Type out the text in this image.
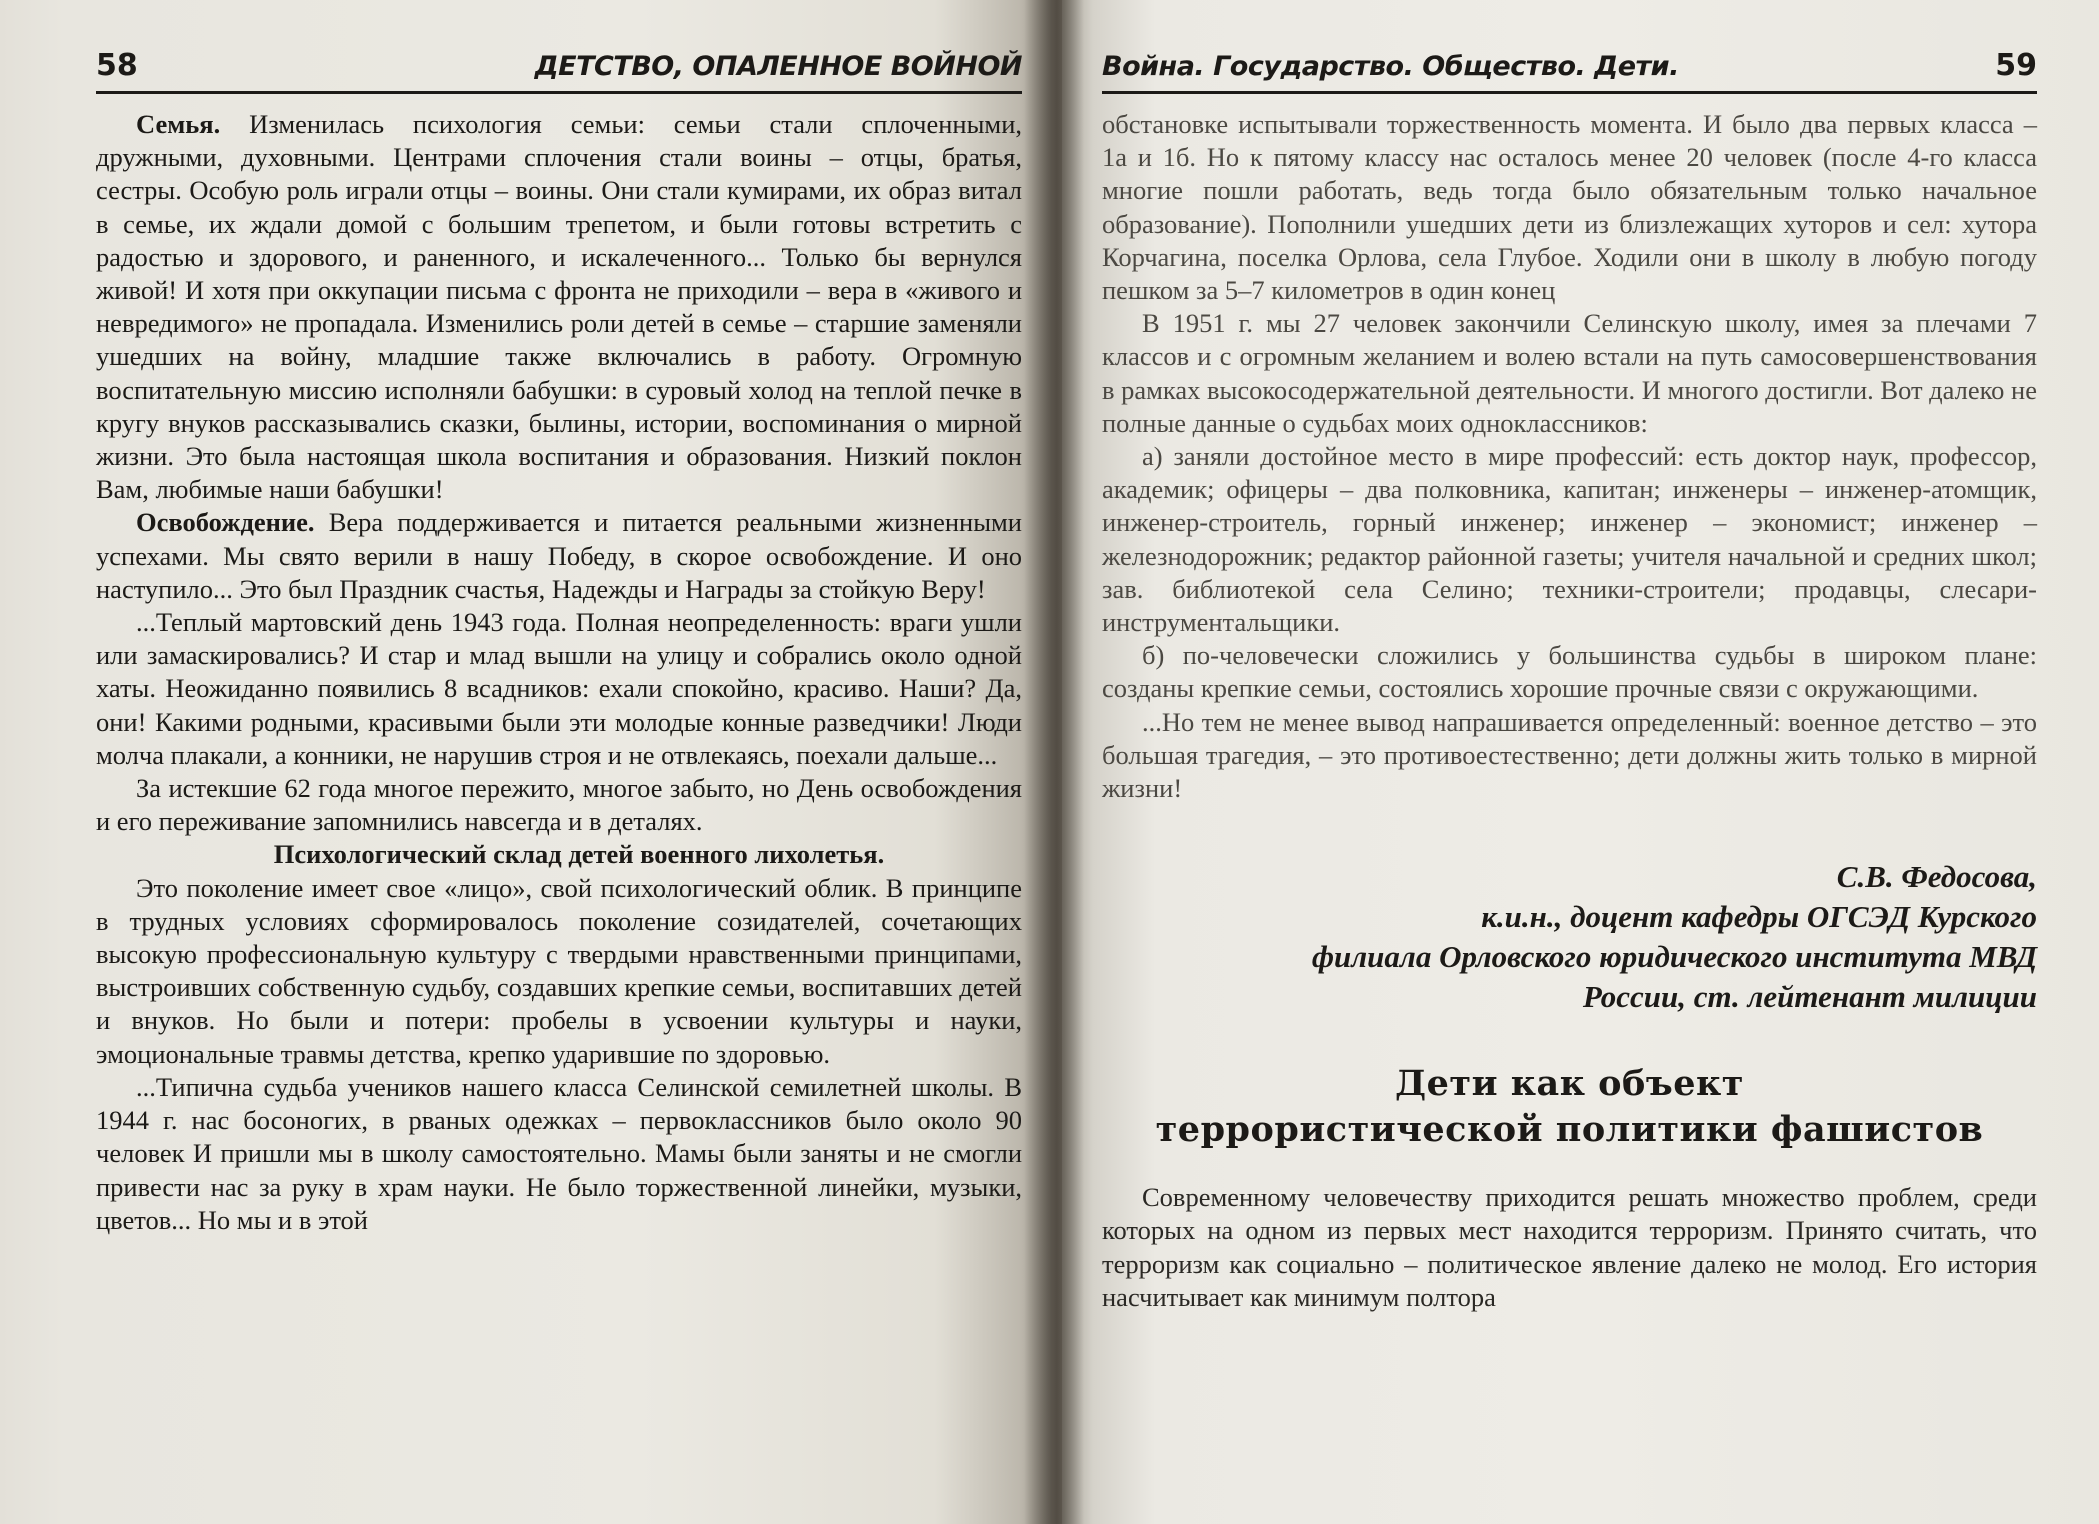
58	ДЕТСТВО, ОПАЛЕННОЕ ВОЙНОЙ

Семья. Изменилась психология семьи: семьи стали сплоченными, дружными, духовными. Центрами сплочения стали воины – отцы, братья, сестры. Особую роль играли отцы – воины. Они стали кумирами, их образ витал в семье, их ждали домой с большим трепетом, и были готовы встретить с радостью и здорового, и раненного, и искалеченного... Только бы вернулся живой! И хотя при оккупации письма с фронта не приходили – вера в «живого и невредимого» не пропадала. Изменились роли детей в семье – старшие заменяли ушедших на войну, младшие также включались в работу. Огромную воспитательную миссию исполняли бабушки: в суровый холод на теплой печке в кругу внуков рассказывались сказки, былины, истории, воспоминания о мирной жизни. Это была настоящая школа воспитания и образования. Низкий поклон Вам, любимые наши бабушки!

Освобождение. Вера поддерживается и питается реальными жизненными успехами. Мы свято верили в нашу Победу, в скорое освобождение. И оно наступило... Это был Праздник счастья, Надежды и Награды за стойкую Веру!

...Теплый мартовский день 1943 года. Полная неопределенность: враги ушли или замаскировались? И стар и млад вышли на улицу и собрались около одной хаты. Неожиданно появились 8 всадников: ехали спокойно, красиво. Наши? Да, они! Какими родными, красивыми были эти молодые конные разведчики! Люди молча плакали, а конники, не нарушив строя и не отвлекаясь, поехали дальше...

За истекшие 62 года многое пережито, многое забыто, но День освобождения и его переживание запомнились навсегда и в деталях.

Психологический склад детей военного лихолетья.

Это поколение имеет свое «лицо», свой психологический облик. В принципе в трудных условиях сформировалось поколение созидателей, сочетающих высокую профессиональную культуру с твердыми нравственными принципами, выстроивших собственную судьбу, создавших крепкие семьи, воспитавших детей и внуков. Но были и потери: пробелы в усвоении культуры и науки, эмоциональные травмы детства, крепко ударившие по здоровью.

...Типична судьба учеников нашего класса Селинской семилетней школы. В 1944 г. нас босоногих, в рваных одежках – первоклассников было около 90 человек И пришли мы в школу самостоятельно. Мамы были заняты и не смогли привести нас за руку в храм науки. Не было торжественной линейки, музыки, цветов... Но мы и в этой

Война. Государство. Общество. Дети.	59

обстановке испытывали торжественность момента. И было два первых класса – 1а и 1б. Но к пятому классу нас осталось менее 20 человек (после 4-го класса многие пошли работать, ведь тогда было обязательным только начальное образование). Пополнили ушедших дети из близлежащих хуторов и сел: хутора Корчагина, поселка Орлова, села Глубое. Ходили они в школу в любую погоду пешком за 5–7 километров в один конец

В 1951 г. мы 27 человек закончили Селинскую школу, имея за плечами 7 классов и с огромным желанием и волею встали на путь самосовершенствования в рамках высокосодержательной деятельности. И многого достигли. Вот далеко не полные данные о судьбах моих одноклассников:

а) заняли достойное место в мире профессий: есть доктор наук, профессор, академик; офицеры – два полковника, капитан; инженеры – инженер-атомщик, инженер-строитель, горный инженер; инженер – экономист; инженер – железнодорожник; редактор районной газеты; учителя начальной и средних школ; зав. библиотекой села Селино; техники-строители; продавцы, слесари-инструментальщики.

б) по-человечески сложились у большинства судьбы в широком плане: созданы крепкие семьи, состоялись хорошие прочные связи с окружающими.

...Но тем не менее вывод напрашивается определенный: военное детство – это большая трагедия, – это противоестественно; дети должны жить только в мирной жизни!

С.В. Федосова,
к.и.н., доцент кафедры ОГСЭД Курского
филиала Орловского юридического института МВД
России, ст. лейтенант милиции
Дети как объект
террористической политики фашистов

Современному человечеству приходится решать множество проблем, среди которых на одном из первых мест находится терроризм. Принято считать, что терроризм как социально – политическое явление далеко не молод. Его история насчитывает как минимум полтора
